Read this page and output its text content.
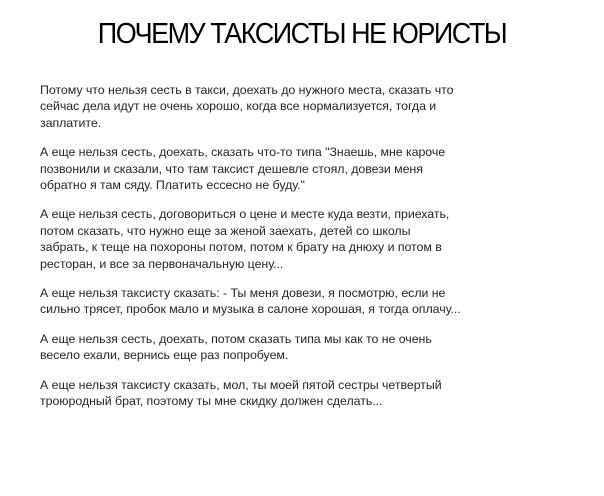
ПОЧЕМУ ТАКСИСТЫ НЕ ЮРИСТЫ

Потому что нельзя сесть в такси, доехать до нужного места, сказать что
сейчас дела идут не очень хорошо, когда все нормализуется, тогда и
заплатите.

А еще нельзя сесть, доехать, сказать что-то типа "Знаешь, мне кароче
позвонили и сказали, что там таксист дешевле стоял, довези меня
обратно я там сяду. Платить ессесно не буду."

А еще нельзя сесть, договориться о цене и месте куда везти, приехать,
потом сказать, что нужно еще за женой заехать, детей со школы
забрать, к теще на похороны потом, потом к брату на днюху и потом в
ресторан, и все за первоначальную цену...

А еще нельзя таксисту сказать: - Ты меня довези, я посмотрю, если не
сильно трясет, пробок мало и музыка в салоне хорошая, я тогда оплачу...

А еще нельзя сесть, доехать, потом сказать типа мы как то не очень
весело ехали, вернись еще раз попробуем.

А еще нельзя таксисту сказать, мол, ты моей пятой сестры четвертый
троюродный брат, поэтому ты мне скидку должен сделать...
